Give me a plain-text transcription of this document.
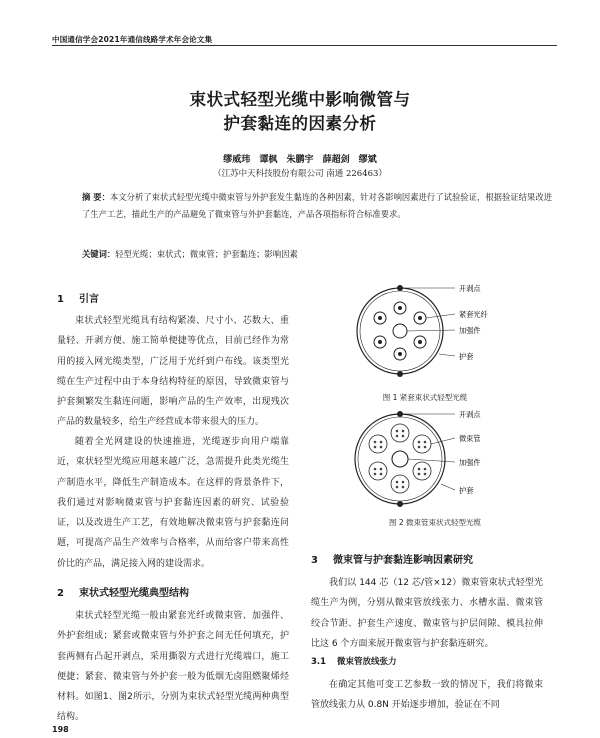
中国通信学会2021年通信线路学术年会论文集
束状式轻型光缆中影响微管与
护套黏连的因素分析
缪威玮 谭枫 朱鹏宇 薛超剑 缪斌
（江苏中天科技股份有限公司 南通 226463）
摘 要：本文分析了束状式轻型光缆中微束管与外护套发生黏连的各种因素，针对各影响因素进行了试验验证，根据验证结果改进了生产工艺，描此生产的产品避免了微束管与外护套黏连，产品各项指标符合标准要求。
关键词：轻型光缆；束状式；微束管；护套黏连；影响因素
1 引言
束状式轻型光缆具有结构紧凑、尺寸小、芯数大、重量轻、开剥方便、施工简单便捷等优点，目前已经作为常用的接入网光缆类型，广泛用于光纤到户布线。该类型光缆在生产过程中由于本身结构特征的原因，导致微束管与护套频繁发生黏连问题，影响产品的生产效率，出现残次产品的数量较多，给生产经营成本带来很大的压力。
随着全光网建设的快速推进，光缆逐步向用户端靠近，束状轻型光缆应用越来越广泛，急需提升此类光缆生产制造水平，降低生产制造成本。在这样的背景条件下，我们通过对影响微束管与护套黏连因素的研究、试验验证，以及改进生产工艺，有效地解决微束管与护套黏连问题，可提高产品生产效率与合格率，从而给客户带来高性价比的产品，满足接入网的建设需求。
2 束状式轻型光缆典型结构
束状式轻型光缆一般由紧套光纤或微束管、加强件、外护套组成；紧套或微束管与外护套之间无任何填充，护套两侧有凸起开剥点，采用撕裂方式进行光缆端口，施工便捷；紧套、微束管与外护套一般为低烟无卤阻燃聚烯烃材料。如图1、图2所示，分别为束状式轻型光缆两种典型结构。
开剥点
紧套光纤
加强件
护套
图 1 紧套束状式轻型光缆
开剥点
微束管
加强件
护套
图 2 微束管束状式轻型光缆
3 微束管与护套黏连影响因素研究
我们以 144 芯（12 芯/管×12）微束管束状式轻型光缆生产为例，分别从微束管放线张力、水槽水温、微束管绞合节距、护套生产速度、微束管与护层间隙、模具拉伸比这 6 个方面来展开微束管与护套黏连研究。
3.1 微束管放线张力
在确定其他可变工艺参数一致的情况下，我们将微束管放线张力从 0.8N 开始逐步增加，验证在不同
198
